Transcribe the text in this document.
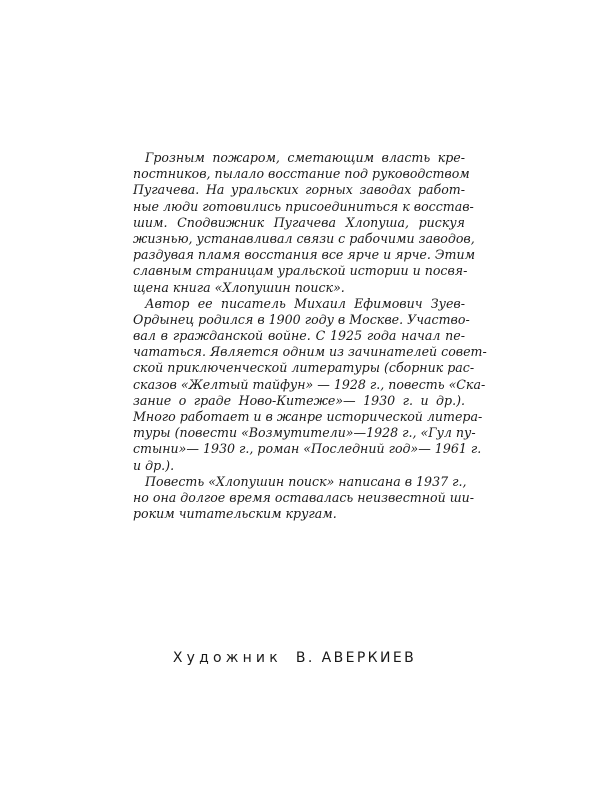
Грозным пожаром, сметающим власть кре-
постников, пылало восстание под руководством
Пугачева. На уральских горных заводах работ-
ные люди готовились присоединиться к восстав-
шим. Сподвижник Пугачева Хлопуша, рискуя
жизнью, устанавливал связи с рабочими заводов,
раздувая пламя восстания все ярче и ярче. Этим
славным страницам уральской истории и посвя-
щена книга «Хлопушин поиск».
Автор ее писатель Михаил Ефимович Зуев-
Ордынец родился в 1900 году в Москве. Участво-
вал в гражданской войне. С 1925 года начал пе-
чататься. Является одним из зачинателей совет-
ской приключенческой литературы (сборник рас-
сказов «Желтый тайфун» — 1928 г., повесть «Ска-
зание о граде Ново-Китеже»— 1930 г. и др.).
Много работает и в жанре исторической литера-
туры (повести «Возмутители»—1928 г., «Гул пу-
стыни»— 1930 г., роман «Последний год»— 1961 г.
и др.).
Повесть «Хлопушин поиск» написана в 1937 г.,
но она долгое время оставалась неизвестной ши-
роким читательским кругам.
Художник В. АВЕРКИЕВ
